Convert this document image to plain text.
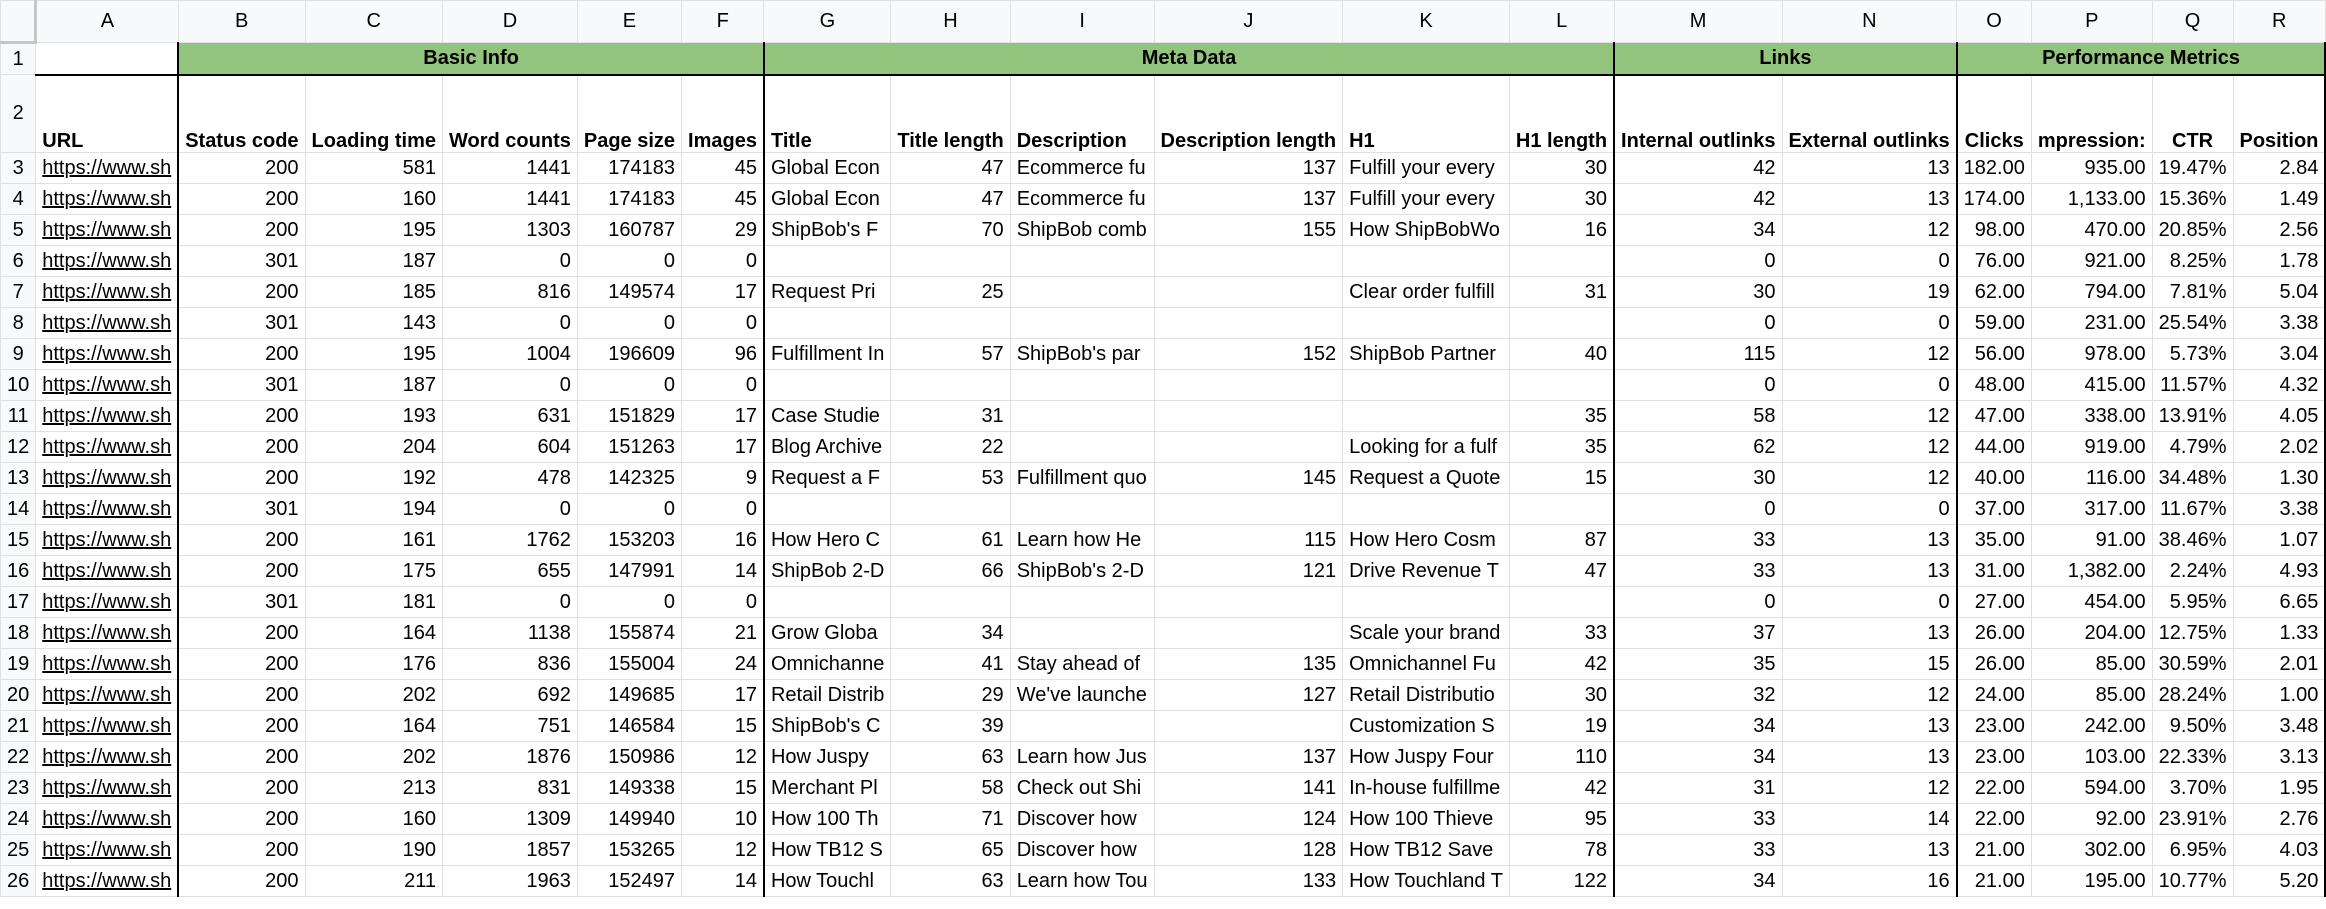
	A	B	C	D	E	F	G	H	I	J	K	L	M	N	O	P	Q	R
1		Basic Info					Meta Data						Links		Performance Metrics			
2	URL	Status code	Loading time	Word counts	Page size	Images	Title	Title length	Description	Description length	H1	H1 length	Internal outlinks	External outlinks	Clicks	mpression:	CTR	Position
3	https://www.sh	200	581	1441	174183	45	Global Econ	47	Ecommerce fu	137	Fulfill your every	30	42	13	182.00	935.00	19.47%	2.84
4	https://www.sh	200	160	1441	174183	45	Global Econ	47	Ecommerce fu	137	Fulfill your every	30	42	13	174.00	1,133.00	15.36%	1.49
5	https://www.sh	200	195	1303	160787	29	ShipBob's F	70	ShipBob comb	155	How ShipBobWo	16	34	12	98.00	470.00	20.85%	2.56
6	https://www.sh	301	187	0	0	0							0	0	76.00	921.00	8.25%	1.78
7	https://www.sh	200	185	816	149574	17	Request Pri	25			Clear order fulfill	31	30	19	62.00	794.00	7.81%	5.04
8	https://www.sh	301	143	0	0	0							0	0	59.00	231.00	25.54%	3.38
9	https://www.sh	200	195	1004	196609	96	Fulfillment In	57	ShipBob's par	152	ShipBob Partner	40	115	12	56.00	978.00	5.73%	3.04
10	https://www.sh	301	187	0	0	0							0	0	48.00	415.00	11.57%	4.32
11	https://www.sh	200	193	631	151829	17	Case Studie	31				35	58	12	47.00	338.00	13.91%	4.05
12	https://www.sh	200	204	604	151263	17	Blog Archive	22			Looking for a fulf	35	62	12	44.00	919.00	4.79%	2.02
13	https://www.sh	200	192	478	142325	9	Request a F	53	Fulfillment quo	145	Request a Quote	15	30	12	40.00	116.00	34.48%	1.30
14	https://www.sh	301	194	0	0	0							0	0	37.00	317.00	11.67%	3.38
15	https://www.sh	200	161	1762	153203	16	How Hero C	61	Learn how He	115	How Hero Cosm	87	33	13	35.00	91.00	38.46%	1.07
16	https://www.sh	200	175	655	147991	14	ShipBob 2-D	66	ShipBob's 2-D	121	Drive Revenue T	47	33	13	31.00	1,382.00	2.24%	4.93
17	https://www.sh	301	181	0	0	0							0	0	27.00	454.00	5.95%	6.65
18	https://www.sh	200	164	1138	155874	21	Grow Globa	34			Scale your brand	33	37	13	26.00	204.00	12.75%	1.33
19	https://www.sh	200	176	836	155004	24	Omnichanne	41	Stay ahead of	135	Omnichannel Fu	42	35	15	26.00	85.00	30.59%	2.01
20	https://www.sh	200	202	692	149685	17	Retail Distrib	29	We've launche	127	Retail Distributio	30	32	12	24.00	85.00	28.24%	1.00
21	https://www.sh	200	164	751	146584	15	ShipBob's C	39			Customization S	19	34	13	23.00	242.00	9.50%	3.48
22	https://www.sh	200	202	1876	150986	12	How Juspy	63	Learn how Jus	137	How Juspy Four	110	34	13	23.00	103.00	22.33%	3.13
23	https://www.sh	200	213	831	149338	15	Merchant Pl	58	Check out Shi	141	In-house fulfillme	42	31	12	22.00	594.00	3.70%	1.95
24	https://www.sh	200	160	1309	149940	10	How 100 Th	71	Discover how	124	How 100 Thieve	95	33	14	22.00	92.00	23.91%	2.76
25	https://www.sh	200	190	1857	153265	12	How TB12 S	65	Discover how	128	How TB12 Save	78	33	13	21.00	302.00	6.95%	4.03
26	https://www.sh	200	211	1963	152497	14	How Touchl	63	Learn how Tou	133	How Touchland T	122	34	16	21.00	195.00	10.77%	5.20
